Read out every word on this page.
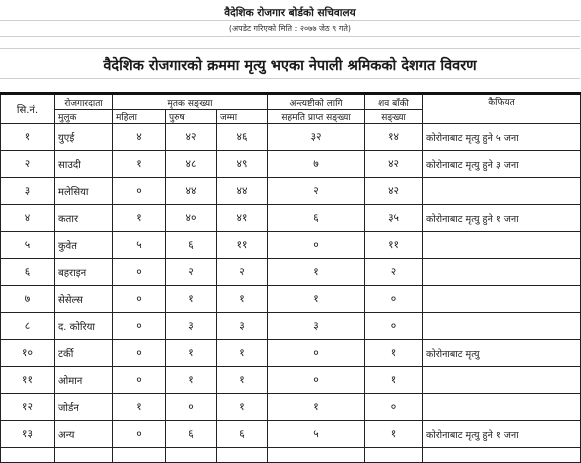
वैदेशिक रोजगार बोर्डको सचिवालय
(अपडेट गरिएको मिति : २०७७ जेठ ९ गते)
वैदेशिक रोजगारको क्रममा मृत्यु भएका नेपाली श्रमिकको देशगत विवरण
सि.नं.	रोजगारदाता	मृतक सङ्ख्या			अन्त्यष्टीको लागि	शव बाँकी	कैफियत
	मुलुक	महिला	पुरुष	जम्मा	सहमति प्राप्त सङ्ख्या	सङ्ख्या	
१	युएई	४	४२	४६	३२	१४	कोरोनाबाट मृत्यु हुने ५ जना
२	साउदी	१	४८	४९	७	४२	कोरोनाबाट मृत्यु हुने ३ जना
३	मलेसिया	०	४४	४४	२	४२	
४	कतार	१	४०	४१	६	३५	कोरोनाबाट मृत्यु हुने १ जना
५	कुवेत	५	६	११	०	११	
६	बहराइन	०	२	२	१	२	
७	सेसेल्स	०	१	१	१	०	
८	द. कोरिया	०	३	३	३	०	
१०	टर्की	०	१	१	०	१	कोरोनाबाट मृत्यु
११	ओमान	०	१	१	०	१	
१२	जोर्डन	१	०	१	१	०	
१३	अन्य	०	६	६	५	१	कोरोनाबाट मृत्यु हुने १ जना
